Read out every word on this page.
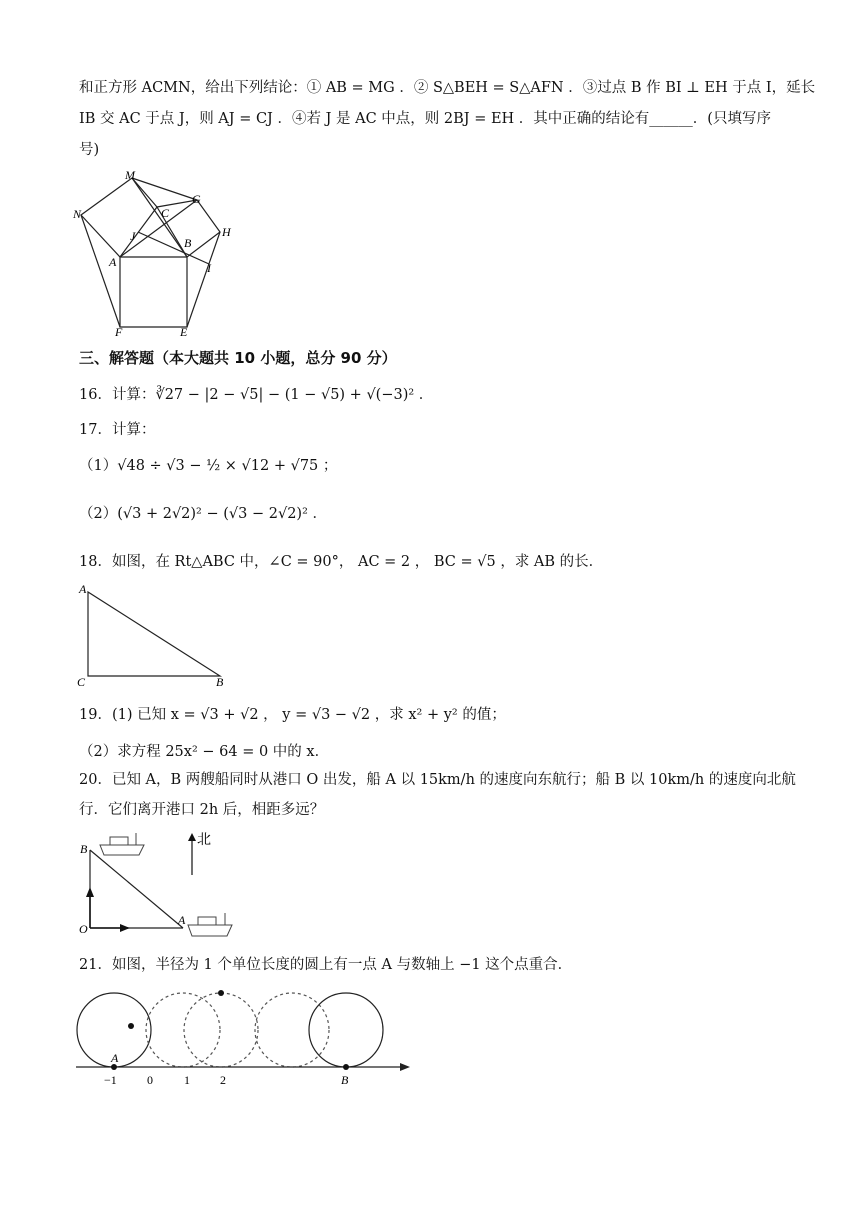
和正方形 ACMN，给出下列结论：① AB = MG ．② S△BEH = S△AFN ．③过点 B 作 BI ⊥ EH 于点 I，延长
IB 交 AC 于点 J，则 AJ = CJ ．④若 J 是 AC 中点，则 2BJ = EH ．其中正确的结论有______．(只填写序
号)
M
G
C
N
J	B
H
A	I
F	E
三、解答题（本大题共 10 小题，总分 90 分）
16．计算：∛27 − |2 − √5| − (1 − √5) + √(−3)² ．
17．计算：
（1）√48 ÷ √3 − ½ × √12 + √75 ；
（2）(√3 + 2√2)² − (√3 − 2√2)² ．
18．如图，在 Rt△ABC 中，∠C = 90°， AC = 2 ， BC = √5 ，求 AB 的长．
A
C	B
19．(1) 已知 x = √3 + √2 ， y = √3 − √2 ，求 x² + y² 的值；
（2）求方程 25x² − 64 = 0 中的 x．
20．已知 A，B 两艘船同时从港口 O 出发，船 A 以 15km/h 的速度向东航行；船 B 以 10km/h 的速度向北航
行．它们离开港口 2h 后，相距多远？
北
B
O
A
21．如图，半径为 1 个单位长度的圆上有一点 A 与数轴上 −1 这个点重合．
A
−1	0	1	2	B
